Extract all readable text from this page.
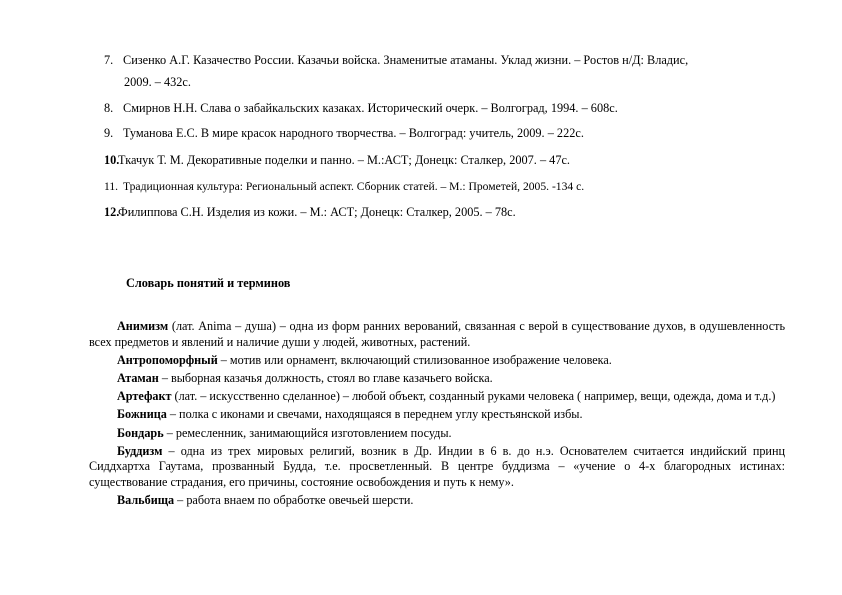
7. Сизенко А.Г. Казачество России. Казачьи войска. Знаменитые атаманы. Уклад жизни. – Ростов н/Д: Владис,
2009. – 432с.
8. Смирнов Н.Н. Слава о забайкальских казаках. Исторический очерк. – Волгоград, 1994. – 608с.
9. Туманова Е.С. В мире красок народного творчества. – Волгоград: учитель, 2009. – 222с.
10.Ткачук Т. М. Декоративные поделки и панно. – М.:АСТ; Донецк: Сталкер, 2007. – 47с.
11. Традиционная культура: Региональный аспект. Сборник статей. – М.: Прометей, 2005. -134 с.
12.Филиппова С.Н. Изделия из кожи. – М.: АСТ; Донецк: Сталкер, 2005. – 78с.
Словарь понятий и терминов

Анимизм (лат. Anima – душа) – одна из форм ранних верований, связанная с верой в существование духов, в одушевленность всех предметов и явлений и наличие души у людей, животных, растений.

Антропоморфный – мотив или орнамент, включающий стилизованное изображение человека.

Атаман – выборная казачья должность, стоял во главе казачьего войска.

Артефакт (лат. – искусственно сделанное) – любой объект, созданный руками человека ( например, вещи, одежда, дома и т.д.)

Божница – полка с иконами и свечами, находящаяся в переднем углу крестьянской избы.

Бондарь – ремесленник, занимающийся изготовлением посуды.

Буддизм – одна из трех мировых религий, возник в Др. Индии в 6 в. до н.э. Основателем считается индийский принц Сиддхартха Гаутама, прозванный Будда, т.е. просветленный. В центре буддизма – «учение о 4-х благородных истинах: существование страдания, его причины, состояние освобождения и путь к нему».

Вальбища – работа внаем по обработке овечьей шерсти.
